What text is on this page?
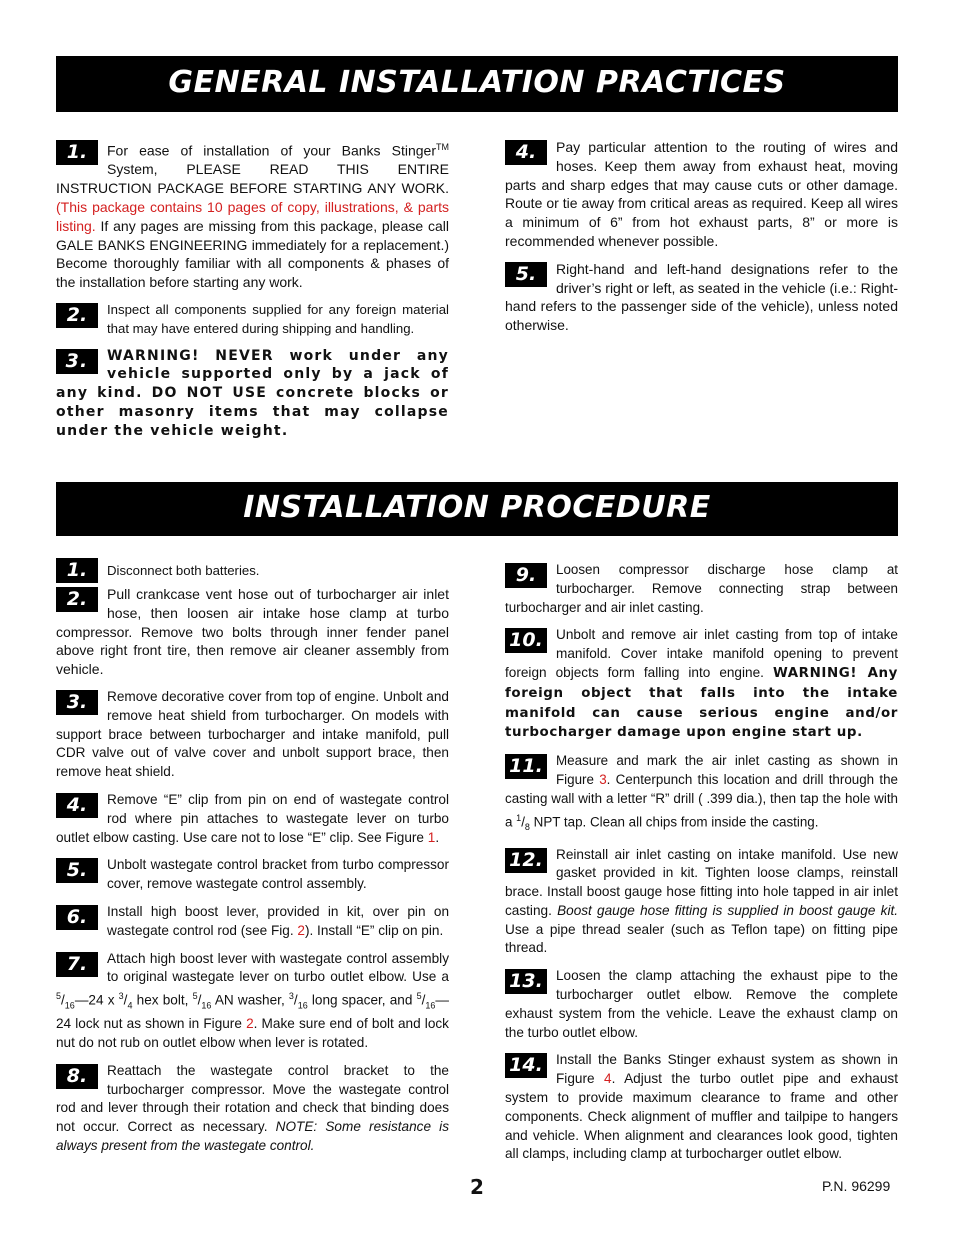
GENERAL INSTALLATION PRACTICES

1.	For ease of installation of your Banks Stinger™ System, PLEASE READ THIS ENTIRE INSTRUCTION PACKAGE BEFORE STARTING ANY WORK. (This package contains 10 pages of copy, illustrations, & parts listing. If any pages are missing from this package, please call GALE BANKS ENGINEERING immediately for a replacement.) Become thoroughly familiar with all components & phases of the installation before starting any work.

2.	Inspect all components supplied for any foreign material that may have entered during shipping and handling.

3.	WARNING! NEVER work under any vehicle supported only by a jack of any kind. DO NOT USE concrete blocks or other masonry items that may collapse under the vehicle weight.

4.	Pay particular attention to the routing of wires and hoses. Keep them away from exhaust heat, moving parts and sharp edges that may cause cuts or other damage. Route or tie away from critical areas as required. Keep all wires a minimum of 6” from hot exhaust parts, 8” or more is recommended whenever possible.

5.	Right-hand and left-hand designations refer to the driver’s right or left, as seated in the vehicle (i.e.: Right-hand refers to the passenger side of the vehicle), unless noted otherwise.

INSTALLATION PROCEDURE

1.	Disconnect both batteries.

2.	Pull crankcase vent hose out of turbocharger air inlet hose, then loosen air intake hose clamp at turbo compressor. Remove two bolts through inner fender panel above right front tire, then remove air cleaner assembly from vehicle.

3.	Remove decorative cover from top of engine. Unbolt and remove heat shield from turbocharger. On models with support brace between turbocharger and intake manifold, pull CDR valve out of valve cover and unbolt support brace, then remove heat shield.

4.	Remove “E” clip from pin on end of wastegate control rod where pin attaches to wastegate lever on turbo outlet elbow casting. Use care not to lose “E” clip. See Figure 1.

5.	Unbolt wastegate control bracket from turbo compressor cover, remove wastegate control assembly.

6.	Install high boost lever, provided in kit, over pin on wastegate control rod (see Fig. 2). Install “E” clip on pin.

7.	Attach high boost lever with wastegate control assembly to original wastegate lever on turbo outlet elbow. Use a $^5/_{16}—24$ x $^3/_4$ hex bolt, $^5/_{16}$ AN washer, $^3/_{16}$ long spacer, and $^5/_{16}—24$ lock nut as shown in Figure 2. Make sure end of bolt and lock nut do not rub on outlet elbow when lever is rotated.

8.	Reattach the wastegate control bracket to the turbocharger compressor. Move the wastegate control rod and lever through their rotation and check that binding does not occur. Correct as necessary. NOTE: Some resistance is always present from the wastegate control.

9.	Loosen compressor discharge hose clamp at turbocharger. Remove connecting strap between turbocharger and air inlet casting.

10. Unbolt and remove air inlet casting from top of intake manifold. Cover intake manifold opening to prevent foreign objects form falling into engine. WARNING! Any foreign object that falls into the intake manifold can cause serious engine and/or turbocharger damage upon engine start up.

11. Measure and mark the air inlet casting as shown in Figure 3. Centerpunch this location and drill through the casting wall with a letter “R” drill ( .399 dia.), then tap the hole with a $^1/_8$ NPT tap. Clean all chips from inside the casting.

12. Reinstall air inlet casting on intake manifold. Use new gasket provided in kit. Tighten loose clamps, reinstall brace. Install boost gauge hose fitting into hole tapped in air inlet casting. Boost gauge hose fitting is supplied in boost gauge kit. Use a pipe thread sealer (such as Teflon tape) on fitting pipe thread.

13. Loosen the clamp attaching the exhaust pipe to the turbocharger outlet elbow. Remove the complete exhaust system from the vehicle. Leave the exhaust clamp on the turbo outlet elbow.

14. Install the Banks Stinger exhaust system as shown in Figure 4. Adjust the turbo outlet pipe and exhaust system to provide maximum clearance to frame and other components. Check alignment of muffler and tailpipe to hangers and vehicle. When alignment and clearances look good, tighten all clamps, including clamp at turbocharger outlet elbow.

2	P.N. 96299
